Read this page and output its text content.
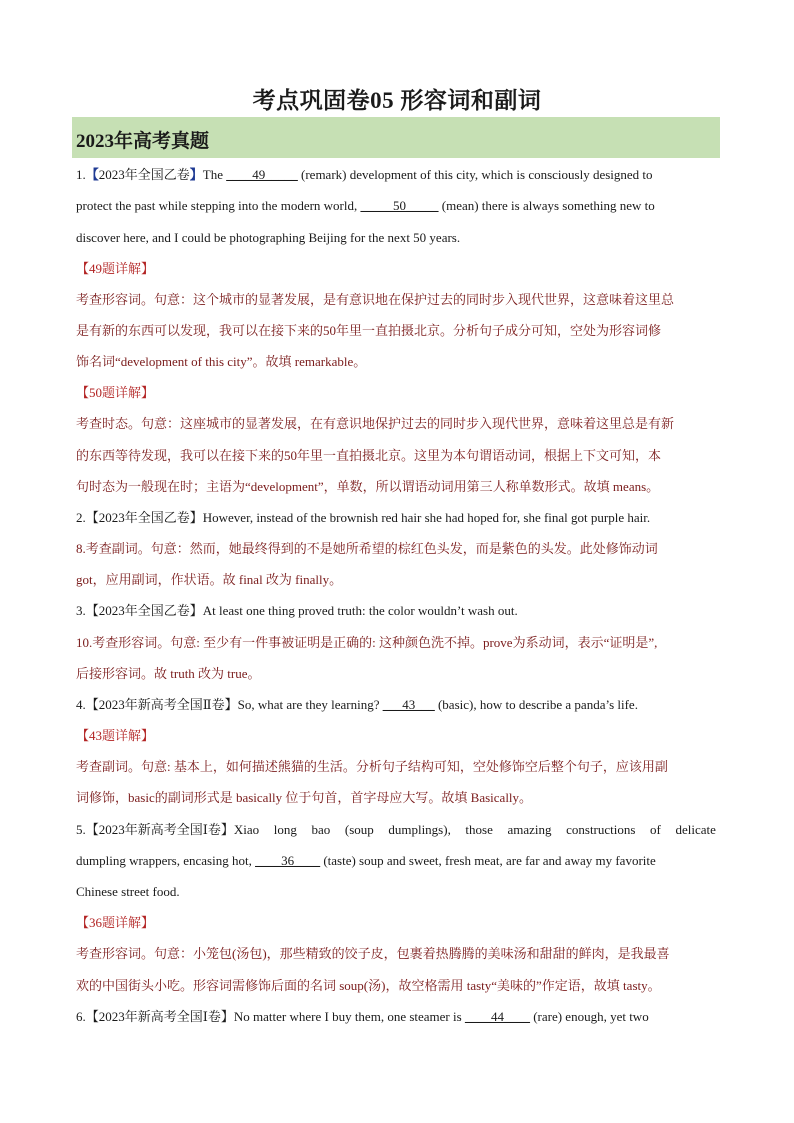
考点巩固卷05 形容词和副词
2023年高考真题
1.【2023年全国乙卷】The ____49_____ (remark) development of this city, which is consciously designed to
protect the past while stepping into the modern world, _____50_____ (mean) there is always something new to
discover here, and I could be photographing Beijing for the next 50 years.
【49题详解】
考查形容词。句意：这个城市的显著发展，是有意识地在保护过去的同时步入现代世界，这意味着这里总
是有新的东西可以发现，我可以在接下来的50年里一直拍摄北京。分析句子成分可知，空处为形容词修
饰名词“development of this city”。故填 remarkable。
【50题详解】
考查时态。句意：这座城市的显著发展，在有意识地保护过去的同时步入现代世界，意味着这里总是有新
的东西等待发现，我可以在接下来的50年里一直拍摄北京。这里为本句谓语动词，根据上下文可知，本
句时态为一般现在时；主语为“development”，单数，所以谓语动词用第三人称单数形式。故填 means。
2.【2023年全国乙卷】However, instead of the brownish red hair she had hoped for, she final got purple hair.
8.考查副词。句意：然而，她最终得到的不是她所希望的棕红色头发，而是紫色的头发。此处修饰动词
got，应用副词，作状语。故 final 改为 finally。
3.【2023年全国乙卷】At least one thing proved truth: the color wouldn’t wash out.
10.考查形容词。句意: 至少有一件事被证明是正确的: 这种颜色洗不掉。prove为系动词，表示“证明是”,
后接形容词。故 truth 改为 true。
4.【2023年新高考全国Ⅱ卷】So, what are they learning? ___43___ (basic), how to describe a panda’s life.
【43题详解】
考查副词。句意: 基本上，如何描述熊猫的生活。分析句子结构可知，空处修饰空后整个句子，应该用副
词修饰，basic的副词形式是 basically 位于句首，首字母应大写。故填 Basically。
5.【2023年新高考全国Ⅰ卷】Xiao long bao (soup dumplings), those amazing constructions of delicate
dumpling wrappers, encasing hot, ____36____ (taste) soup and sweet, fresh meat, are far and away my favorite
Chinese street food.
【36题详解】
考查形容词。句意：小笼包(汤包)，那些精致的饺子皮，包裹着热腾腾的美味汤和甜甜的鲜肉，是我最喜
欢的中国街头小吃。形容词需修饰后面的名词 soup(汤)，故空格需用 tasty“美味的”作定语，故填 tasty。
6.【2023年新高考全国Ⅰ卷】No matter where I buy them, one steamer is ____44____ (rare) enough, yet two
